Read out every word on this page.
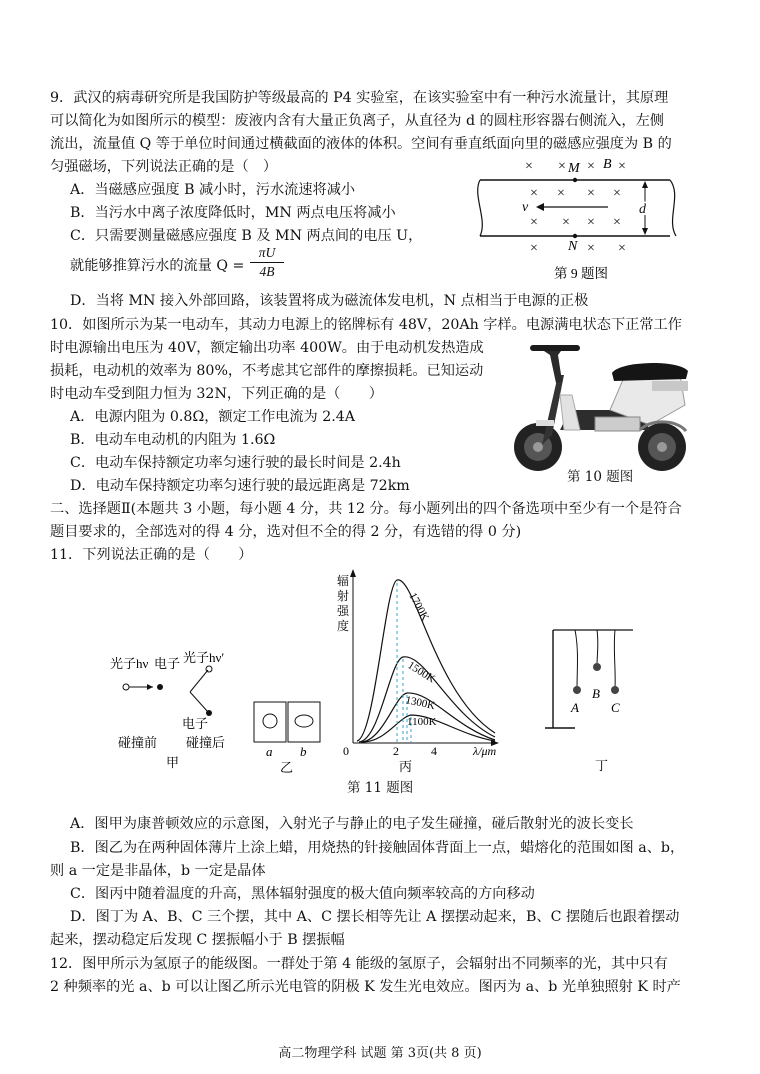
9．武汉的病毒研究所是我国防护等级最高的 P4 实验室，在该实验室中有一种污水流量计，其原理
可以简化为如图所示的模型：废液内含有大量正负离子，从直径为 d 的圆柱形容器右侧流入，左侧
流出，流量值 Q 等于单位时间通过横截面的液体的体积。空间有垂直纸面向里的磁感应强度为 B 的
匀强磁场，下列说法正确的是（　）
A．当磁感应强度 B 减小时，污水流速将减小
B．当污水中离子浓度降低时，MN 两点电压将减小
C．只需要测量磁感应强度 B 及 MN 两点间的电压 U，
就能够推算污水的流量 $Q = \frac{\pi U}{4B}$
D．当将 MN 接入外部回路，该装置将成为磁流体发电机，N 点相当于电源的正极
× × × ×
× × × ×
× × ×
×
×	× ×
M B
N
v	d
第 9 题图
10．如图所示为某一电动车，其动力电源上的铭牌标有 48V，20Ah 字样。电源满电状态下正常工作
时电源输出电压为 40V，额定输出功率 400W。由于电动机发热造成
损耗，电动机的效率为 80%，不考虑其它部件的摩擦损耗。已知运动
时电动车受到阻力恒为 32N，下列正确的是（　　）
A．电源内阻为 0.8Ω，额定工作电流为 2.4A
B．电动车电动机的内阻为 1.6Ω
C．电动车保持额定功率匀速行驶的最长时间是 2.4h
D．电动车保持额定功率匀速行驶的最远距离是 72km
第 10 题图
二、选择题Ⅱ(本题共 3 小题，每小题 4 分，共 12 分。每小题列出的四个备选项中至少有一个是符合
题目要求的，全部选对的得 4 分，选对但不全的得 2 分，有选错的得 0 分)
11．下列说法正确的是（　　）
光子hν 电子 光子hν′
电子
碰撞前 碰撞后
甲
a b
乙
辐
射
强
度
0	2	4	λ/μm
1700K
1500K
1300K
1100K
丙
A
B
C
丁
第 11 题图
A．图甲为康普顿效应的示意图，入射光子与静止的电子发生碰撞，碰后散射光的波长变长
B．图乙为在两种固体薄片上涂上蜡，用烧热的针接触固体背面上一点，蜡熔化的范围如图 a、b，
则 a 一定是非晶体，b 一定是晶体
C．图丙中随着温度的升高，黑体辐射强度的极大值向频率较高的方向移动
D．图丁为 A、B、C 三个摆，其中 A、C 摆长相等先让 A 摆摆动起来，B、C 摆随后也跟着摆动
起来，摆动稳定后发现 C 摆振幅小于 B 摆振幅
12．图甲所示为氢原子的能级图。一群处于第 4 能级的氢原子，会辐射出不同频率的光，其中只有
2 种频率的光 a、b 可以让图乙所示光电管的阴极 K 发生光电效应。图丙为 a、b 光单独照射 K 时产
高二物理学科 试题 第 3页(共 8 页)
